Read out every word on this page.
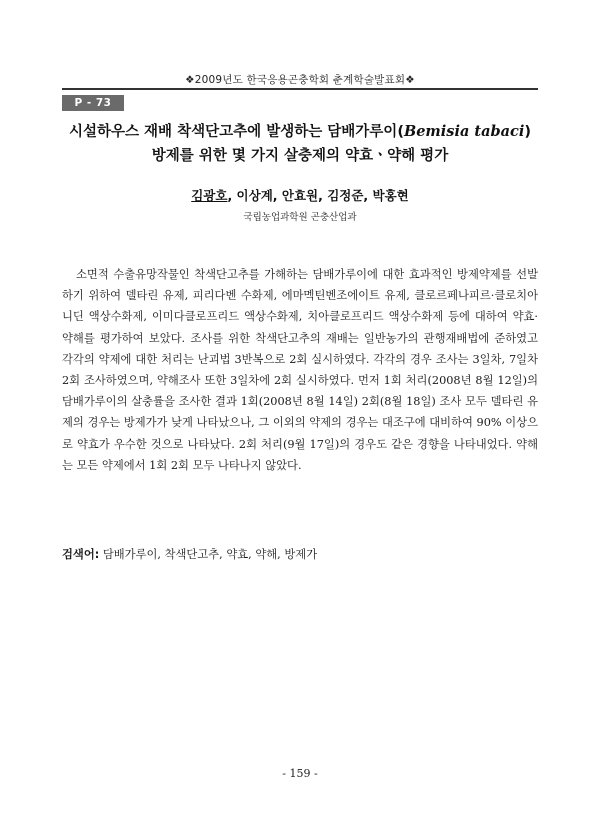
❖2009년도 한국응용곤충학회 춘계학술발표회❖
P - 73
시설하우스 재배 착색단고추에 발생하는 담배가루이(Bemisia tabaci)
방제를 위한 몇 가지 살충제의 약효ㆍ약해 평가
김광호, 이상계, 안효원, 김정준, 박홍현
국립농업과학원 곤충산업과

소면적 수출유망작물인 착색단고추를 가해하는 담배가루이에 대한 효과적인 방제약제를 선발하기 위하여 델타린 유제, 피리다벤 수화제, 에마멕틴벤조에이트 유제, 클로르페나피르·클로치아니딘 액상수화제, 이미다클로프리드 액상수화제, 치아클로프리드 액상수화제 등에 대하여 약효·약해를 평가하여 보았다. 조사를 위한 착색단고추의 재배는 일반농가의 관행재배법에 준하였고 각각의 약제에 대한 처리는 난괴법 3반복으로 2회 실시하였다. 각각의 경우 조사는 3일차, 7일차 2회 조사하였으며, 약해조사 또한 3일차에 2회 실시하였다. 먼저 1회 처리(2008년 8월 12일)의 담배가루이의 살충률을 조사한 결과 1회(2008년 8월 14일) 2회(8월 18일) 조사 모두 델타린 유제의 경우는 방제가가 낮게 나타났으나, 그 이외의 약제의 경우는 대조구에 대비하여 90% 이상으로 약효가 우수한 것으로 나타났다. 2회 처리(9월 17일)의 경우도 같은 경향을 나타내었다. 약해는 모든 약제에서 1회 2회 모두 나타나지 않았다.

검색어: 담배가루이, 착색단고추, 약효, 약해, 방제가
- 159 -
